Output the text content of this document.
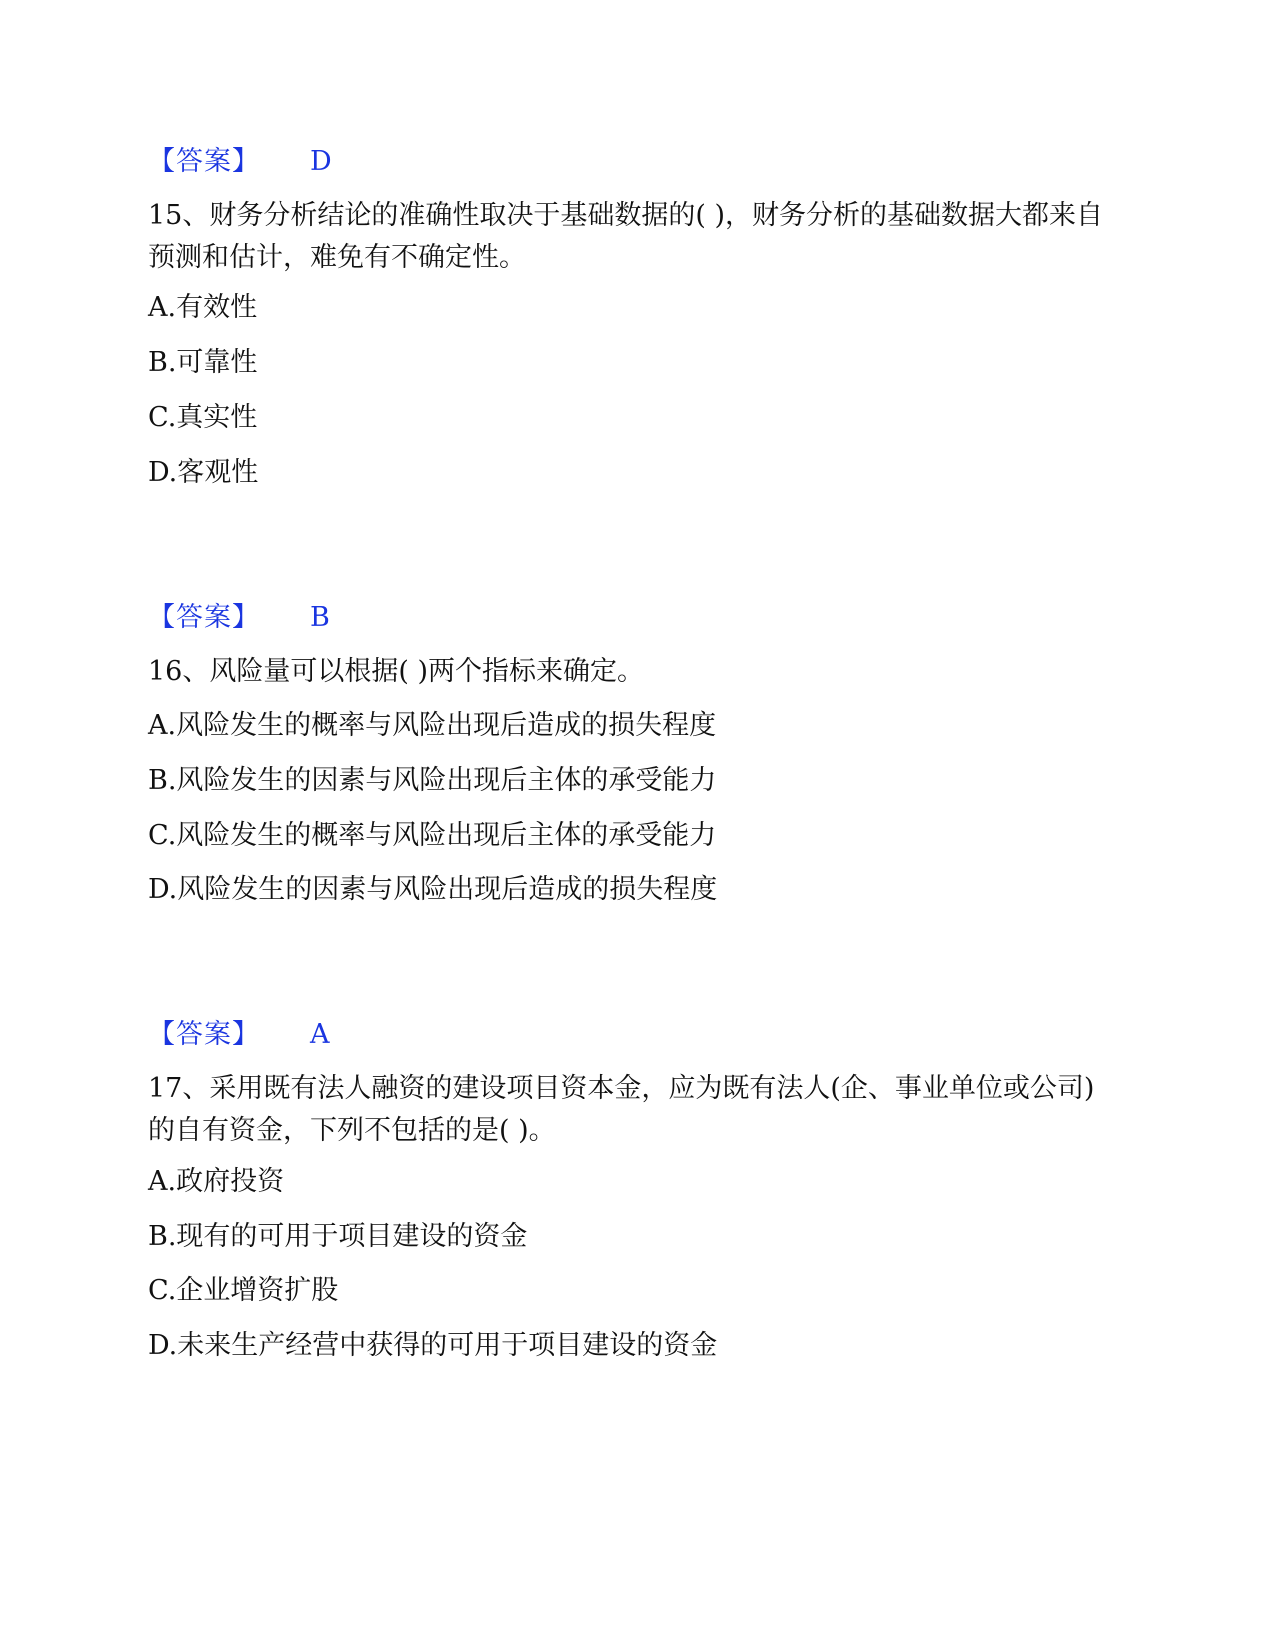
【答案】 D
15、财务分析结论的准确性取决于基础数据的( )，财务分析的基础数据大都来自预测和估计，难免有不确定性。
A.有效性
B.可靠性
C.真实性
D.客观性
【答案】 B
16、风险量可以根据( )两个指标来确定。
A.风险发生的概率与风险出现后造成的损失程度
B.风险发生的因素与风险出现后主体的承受能力
C.风险发生的概率与风险出现后主体的承受能力
D.风险发生的因素与风险出现后造成的损失程度
【答案】 A
17、采用既有法人融资的建设项目资本金，应为既有法人(企、事业单位或公司)的自有资金，下列不包括的是( )。
A.政府投资
B.现有的可用于项目建设的资金
C.企业增资扩股
D.未来生产经营中获得的可用于项目建设的资金
